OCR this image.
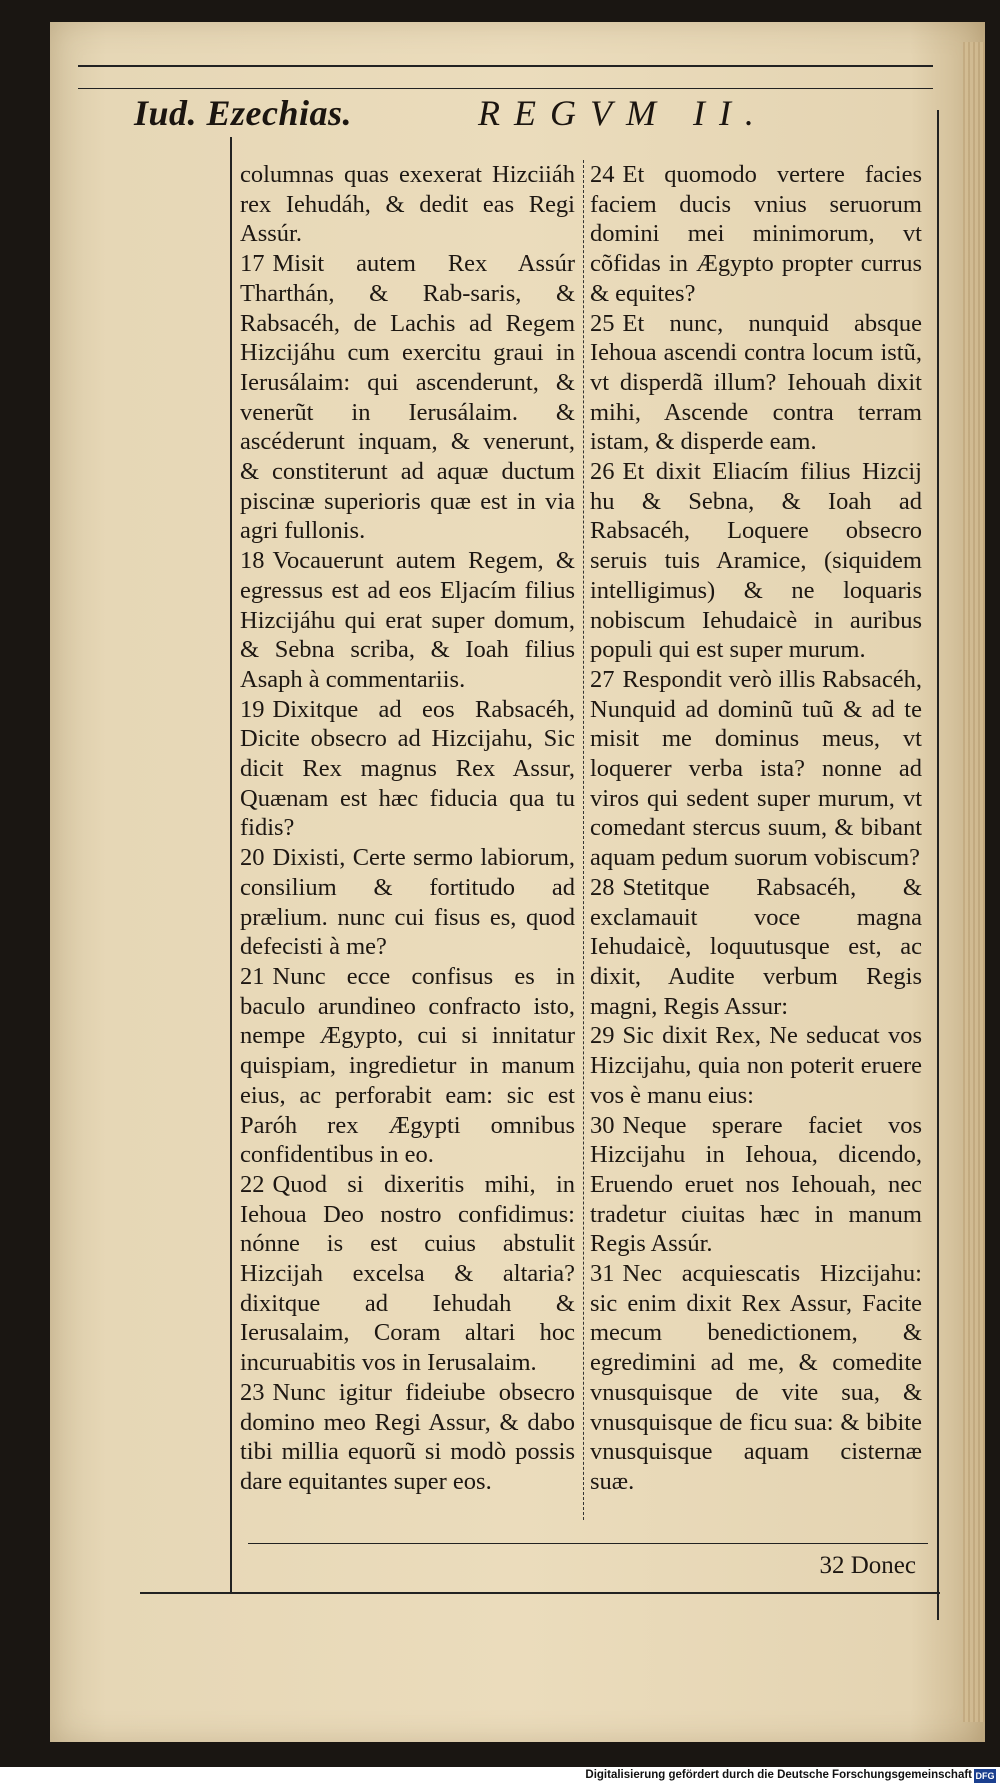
Iud. Ezechias.	REGVM II.

columnas quas exexerat Hizciiáh rex Iehudáh, & dedit eas Regi Assúr.

17 Misit autem Rex Assúr Tharthán, & Rab-saris, & Rabsacéh, de Lachis ad Regem Hizcijáhu cum exercitu graui in Ierusálaim: qui ascenderunt, & venerũt in Ierusálaim. & ascéderunt inquam, & venerunt, & constiterunt ad aquæ ductum piscinæ superioris quæ est in via agri fullonis.

18 Vocauerunt autem Regem, & egressus est ad eos Eljacím filius Hizcijáhu qui erat super domum, & Sebna scriba, & Ioah filius Asaph à commentariis.

19 Dixitque ad eos Rabsacéh, Dicite obsecro ad Hizcijahu, Sic dicit Rex magnus Rex Assur, Quænam est hæc fiducia qua tu fidis?

20 Dixisti, Certe sermo labiorum, consilium & fortitudo ad prælium. nunc cui fisus es, quod defecisti à me?

21 Nunc ecce confisus es in baculo arundineo confracto isto, nempe Ægypto, cui si innitatur quispiam, ingredietur in manum eius, ac perforabit eam: sic est Paróh rex Ægypti omnibus confidentibus in eo.

22 Quod si dixeritis mihi, in Iehoua Deo nostro confidimus: nónne is est cuius abstulit Hizcijah excelsa & altaria? dixitque ad Iehudah & Ierusalaim, Coram altari hoc incuruabitis vos in Ierusalaim.

23 Nunc igitur fideiube obsecro domino meo Regi Assur, & dabo tibi millia equorũ si modò possis dare equitantes super eos.

24 Et quomodo vertere facies faciem ducis vnius seruorum domini mei minimorum, vt cõfidas in Ægypto propter currus & equites?

25 Et nunc, nunquid absque Iehoua ascendi contra locum istũ, vt disperdã illum? Iehouah dixit mihi, Ascende contra terram istam, & disperde eam.

26 Et dixit Eliacím filius Hizcij hu & Sebna, & Ioah ad Rabsacéh, Loquere obsecro seruis tuis Aramice, (siquidem intelligimus) & ne loquaris nobiscum Iehudaicè in auribus populi qui est super murum.

27 Respondit verò illis Rabsacéh, Nunquid ad dominũ tuũ & ad te misit me dominus meus, vt loquerer verba ista? nonne ad viros qui sedent super murum, vt comedant stercus suum, & bibant aquam pedum suorum vobiscum?

28 Stetitque Rabsacéh, & exclamauit voce magna Iehudaicè, loquutusque est, ac dixit, Audite verbum Regis magni, Regis Assur:

29 Sic dixit Rex, Ne seducat vos Hizcijahu, quia non poterit eruere vos è manu eius:

30 Neque sperare faciet vos Hizcijahu in Iehoua, dicendo, Eruendo eruet nos Iehouah, nec tradetur ciuitas hæc in manum Regis Assúr.

31 Nec acquiescatis Hizcijahu: sic enim dixit Rex Assur, Facite mecum benedictionem, & egredimini ad me, & comedite vnusquisque de vite sua, & vnusquisque de ficu sua: & bibite vnusquisque aquam cisternæ suæ.

32 Donec
Digitalisierung gefördert durch die Deutsche Forschungsgemeinschaft DFG
